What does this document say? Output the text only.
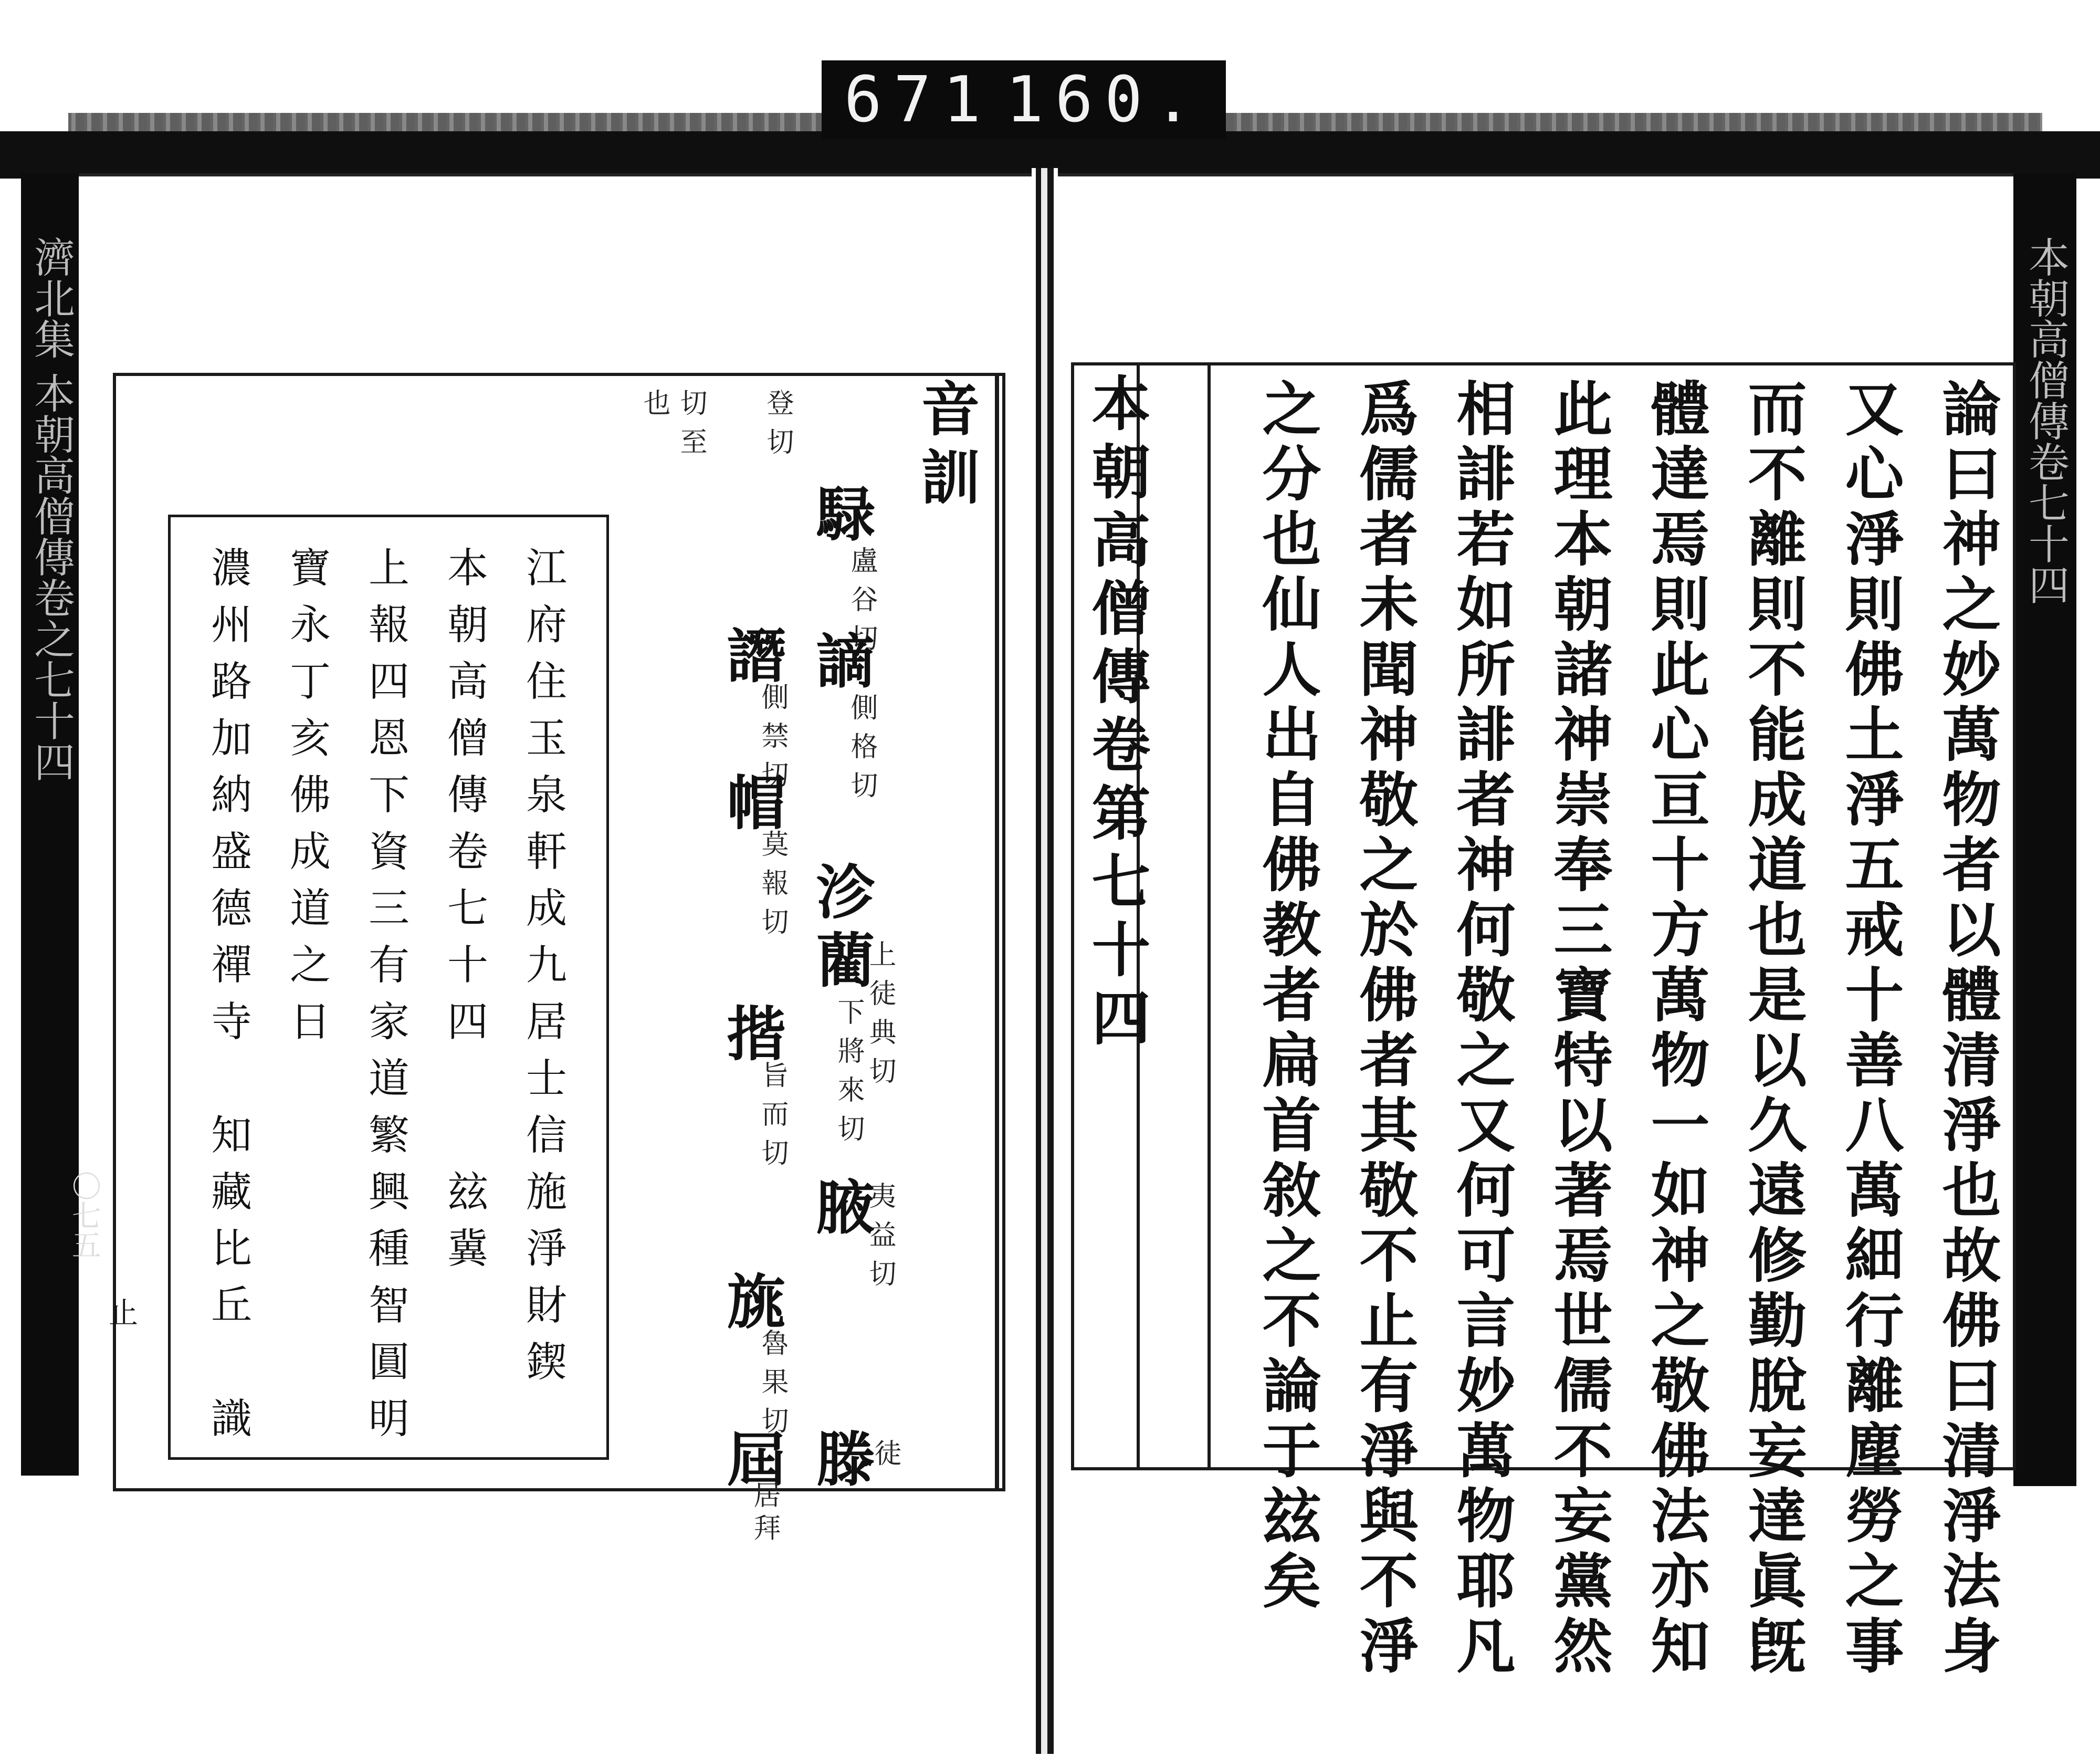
671 160.
濟北集 本朝高僧傳卷之七十四	本朝高僧傳卷七十四
論曰神之妙萬物者以體清淨也故佛曰清淨法身
又心淨則佛土淨五戒十善八萬細行離塵勞之事
而不離則不能成道也是以久遠修勤脫妄達眞旣
體達焉則此心亘十方萬物一如神之敬佛法亦知
此理本朝諸神崇奉三寶特以著焉世儒不妄黨然
相誹若如所誹者神何敬之又何可言妙萬物耶凡
爲儒者未聞神敬之於佛者其敬不止有淨與不淨
之分也仙人出自佛教者扁首敘之不論于玆矣
本朝高僧傳卷第七十四
音訓
騄
盧谷切
登切
譖
側禁切
謫
側格切
帽
莫報切 沴
藺
上徒典切
下將來切
揩
旨而切
腋
夷益切
旐
魯果切
滕
徒
屆
居拜
切至
也
江府住玉泉軒成九居士信施淨財鍥
本朝高僧傳卷七十四　　玆冀
上報四恩下資三有家道繁興種智圓明
寶永丁亥佛成道之日
濃州路加納盛德禪寺　知藏比丘　識
止
〇七五
